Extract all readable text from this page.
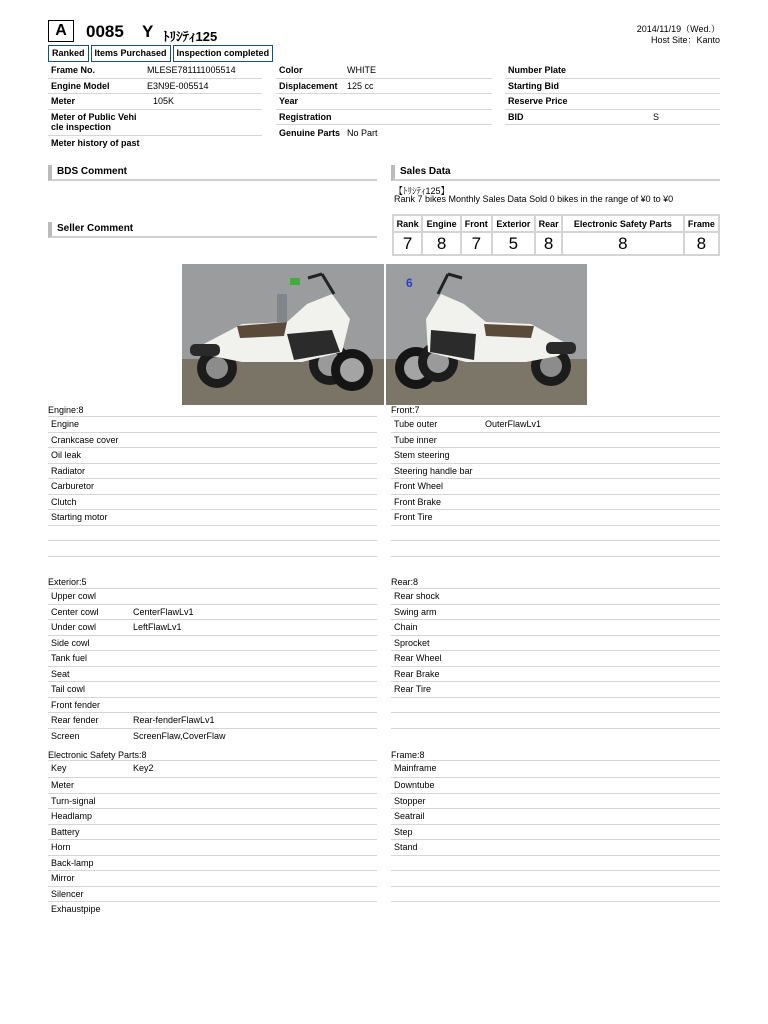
A	0085 Y ﾄﾘｼﾃｨ125	2014/11/19（Wed.）
Host Site：Kanto
Ranked	Items Purchased	Inspection completed
Frame No.	MLESE781111005514
Engine Model	E3N9E-005514
Meter	105K
Meter of Public Vehi cle inspection
Meter history of past
Color	WHITE
Displacement 125 cc
Year
Registration
Genuine Parts No Part
Number Plate
Starting Bid
Reserve Price
BID	S
BDS Comment
Seller Comment
Sales Data
【ﾄﾘｼﾃｨ125】
Rank 7 bikes Monthly Sales Data Sold 0 bikes in the range of ¥0 to ¥0
Rank	Engine	Front	Exterior	Rear	Electronic Safety Parts	Frame
7	8	7	5	8	8	8
6
Engine:8
Engine
Crankcase cover
Oil leak
Radiator
Carburetor
Clutch
Starting motor
Front:7
Tube outer	OuterFlawLv1
Tube inner
Stem steering
Steering handle bar
Front Wheel
Front Brake
Front Tire
Exterior:5
Upper cowl
Center cowl	CenterFlawLv1
Under cowl	LeftFlawLv1
Side cowl
Tank fuel
Seat
Tail cowl
Front fender
Rear fender	Rear-fenderFlawLv1
Screen	ScreenFlaw,CoverFlaw
Rear:8
Rear shock
Swing arm
Chain
Sprocket
Rear Wheel
Rear Brake
Rear Tire
Electronic Safety Parts:8
Key	Key2
Meter
Turn-signal
Headlamp
Battery
Horn
Back-lamp
Mirror
Silencer
Exhaustpipe
Frame:8
Mainframe
Downtube
Stopper
Seatrail
Step
Stand
